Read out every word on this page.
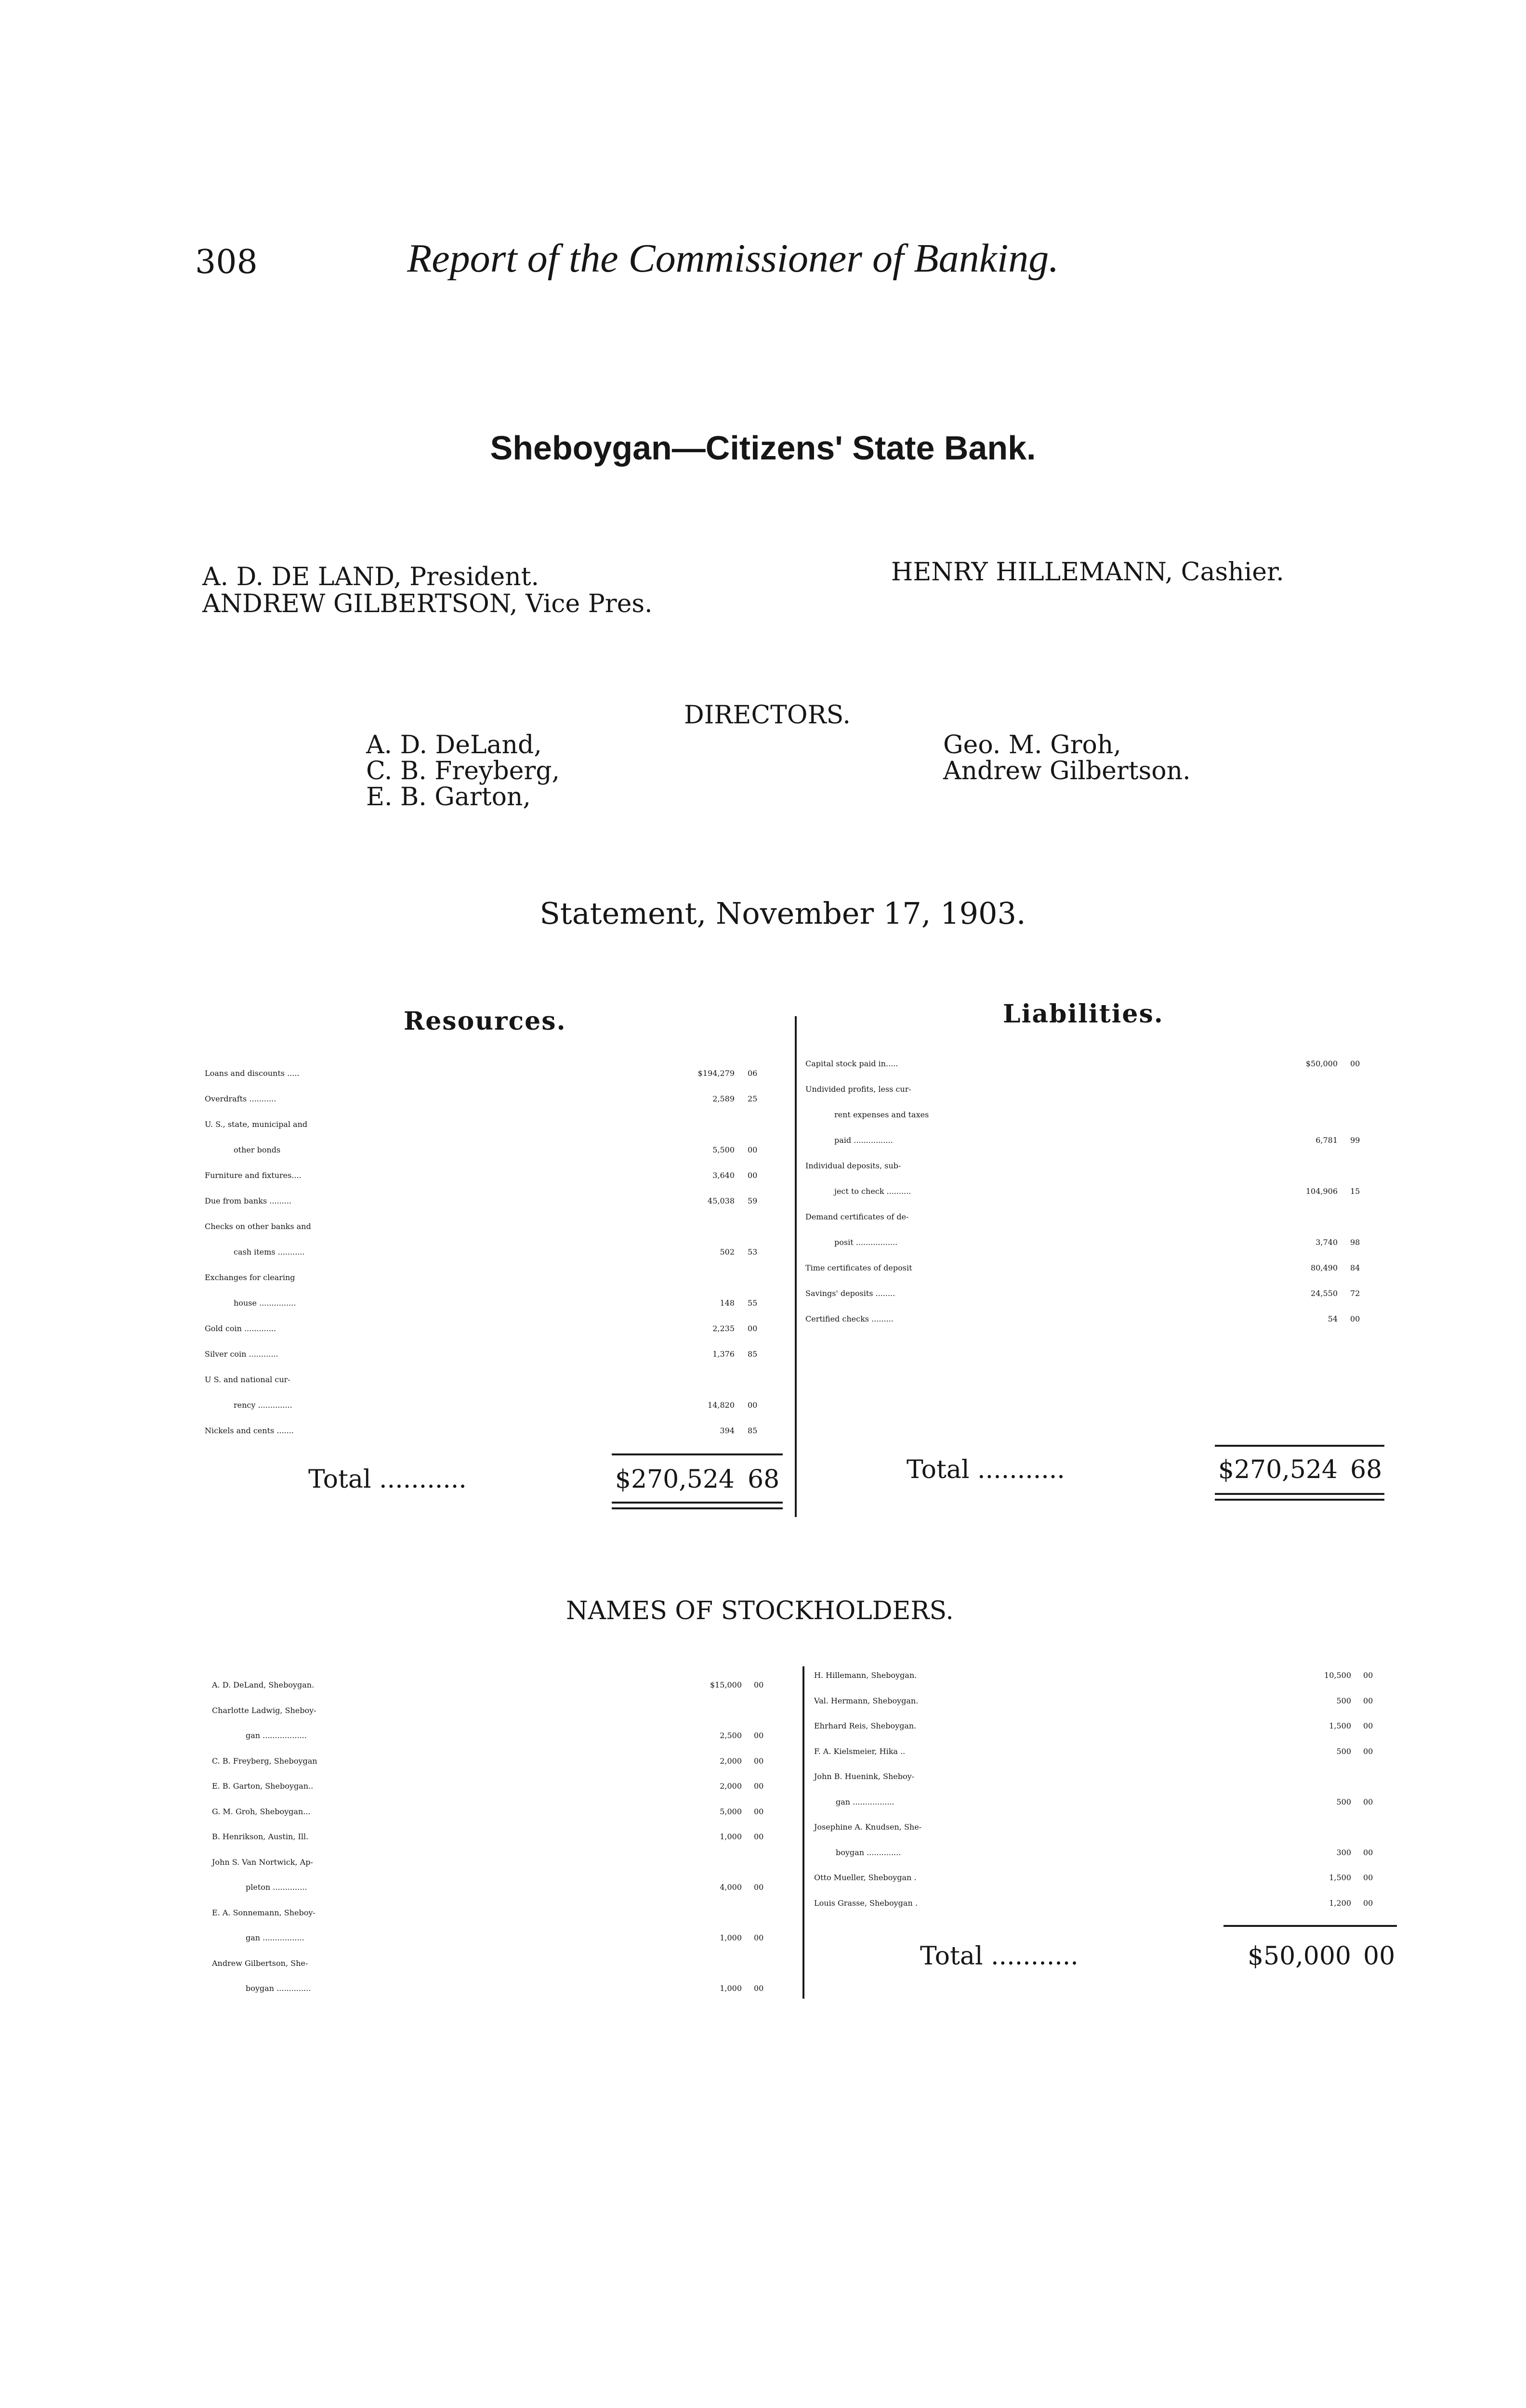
308	Report of the Commissioner of Banking.
Sheboygan—Citizens' State Bank.
A. D. DE LAND, President.
ANDREW GILBERTSON, Vice Pres.
HENRY HILLEMANN, Cashier.
DIRECTORS.
A. D. DeLand,
C. B. Freyberg,
E. B. Garton,
Geo. M. Groh,
Andrew Gilbertson.
Statement, November 17, 1903.
Resources.	Liabilities.
NAMES OF STOCKHOLDERS.
Loans and discounts .....	$194,279 06
Overdrafts ...........	2,589 25
U. S., state, municipal and
other bonds	5,500 00
Furniture and fixtures....	3,640 00
Due from banks .........	45,038 59
Checks on other banks and
cash items ...........	502 53
Exchanges for clearing
house ...............	148 55
Gold coin .............	2,235 00
Silver coin ............	1,376 85
U S. and national cur-
rency ..............	14,820 00
Nickels and cents .......	394 85
Total ...........	$270,524 68
Capital stock paid in.....	$50,000 00
Undivided profits, less cur-
rent expenses and taxes
paid ................	6,781 99
Individual deposits, sub-
ject to check ..........	104,906 15
Demand certificates of de-
posit .................	3,740 98
Time certificates of deposit	80,490 84
Savings' deposits ........	24,550 72
Certified checks .........	54 00
Total ...........	$270,524 68
A. D. DeLand, Sheboygan.	$15,000 00
Charlotte Ladwig, Sheboy-
gan ..................	2,500 00
C. B. Freyberg, Sheboygan	2,000 00
E. B. Garton, Sheboygan..	2,000 00
G. M. Groh, Sheboygan...	5,000 00
B. Henrikson, Austin, Ill.	1,000 00
John S. Van Nortwick, Ap-
pleton ..............	4,000 00
E. A. Sonnemann, Sheboy-
gan .................	1,000 00
Andrew Gilbertson, She-
boygan ..............	1,000 00
H. Hillemann, Sheboygan.	10,500 00
Val. Hermann, Sheboygan.	500 00
Ehrhard Reis, Sheboygan.	1,500 00
F. A. Kielsmeier, Hika ..	500 00
John B. Huenink, Sheboy-
gan .................	500 00
Josephine A. Knudsen, She-
boygan ..............	300 00
Otto Mueller, Sheboygan .	1,500 00
Louis Grasse, Sheboygan .	1,200 00
Total ...........	$50,000 00
